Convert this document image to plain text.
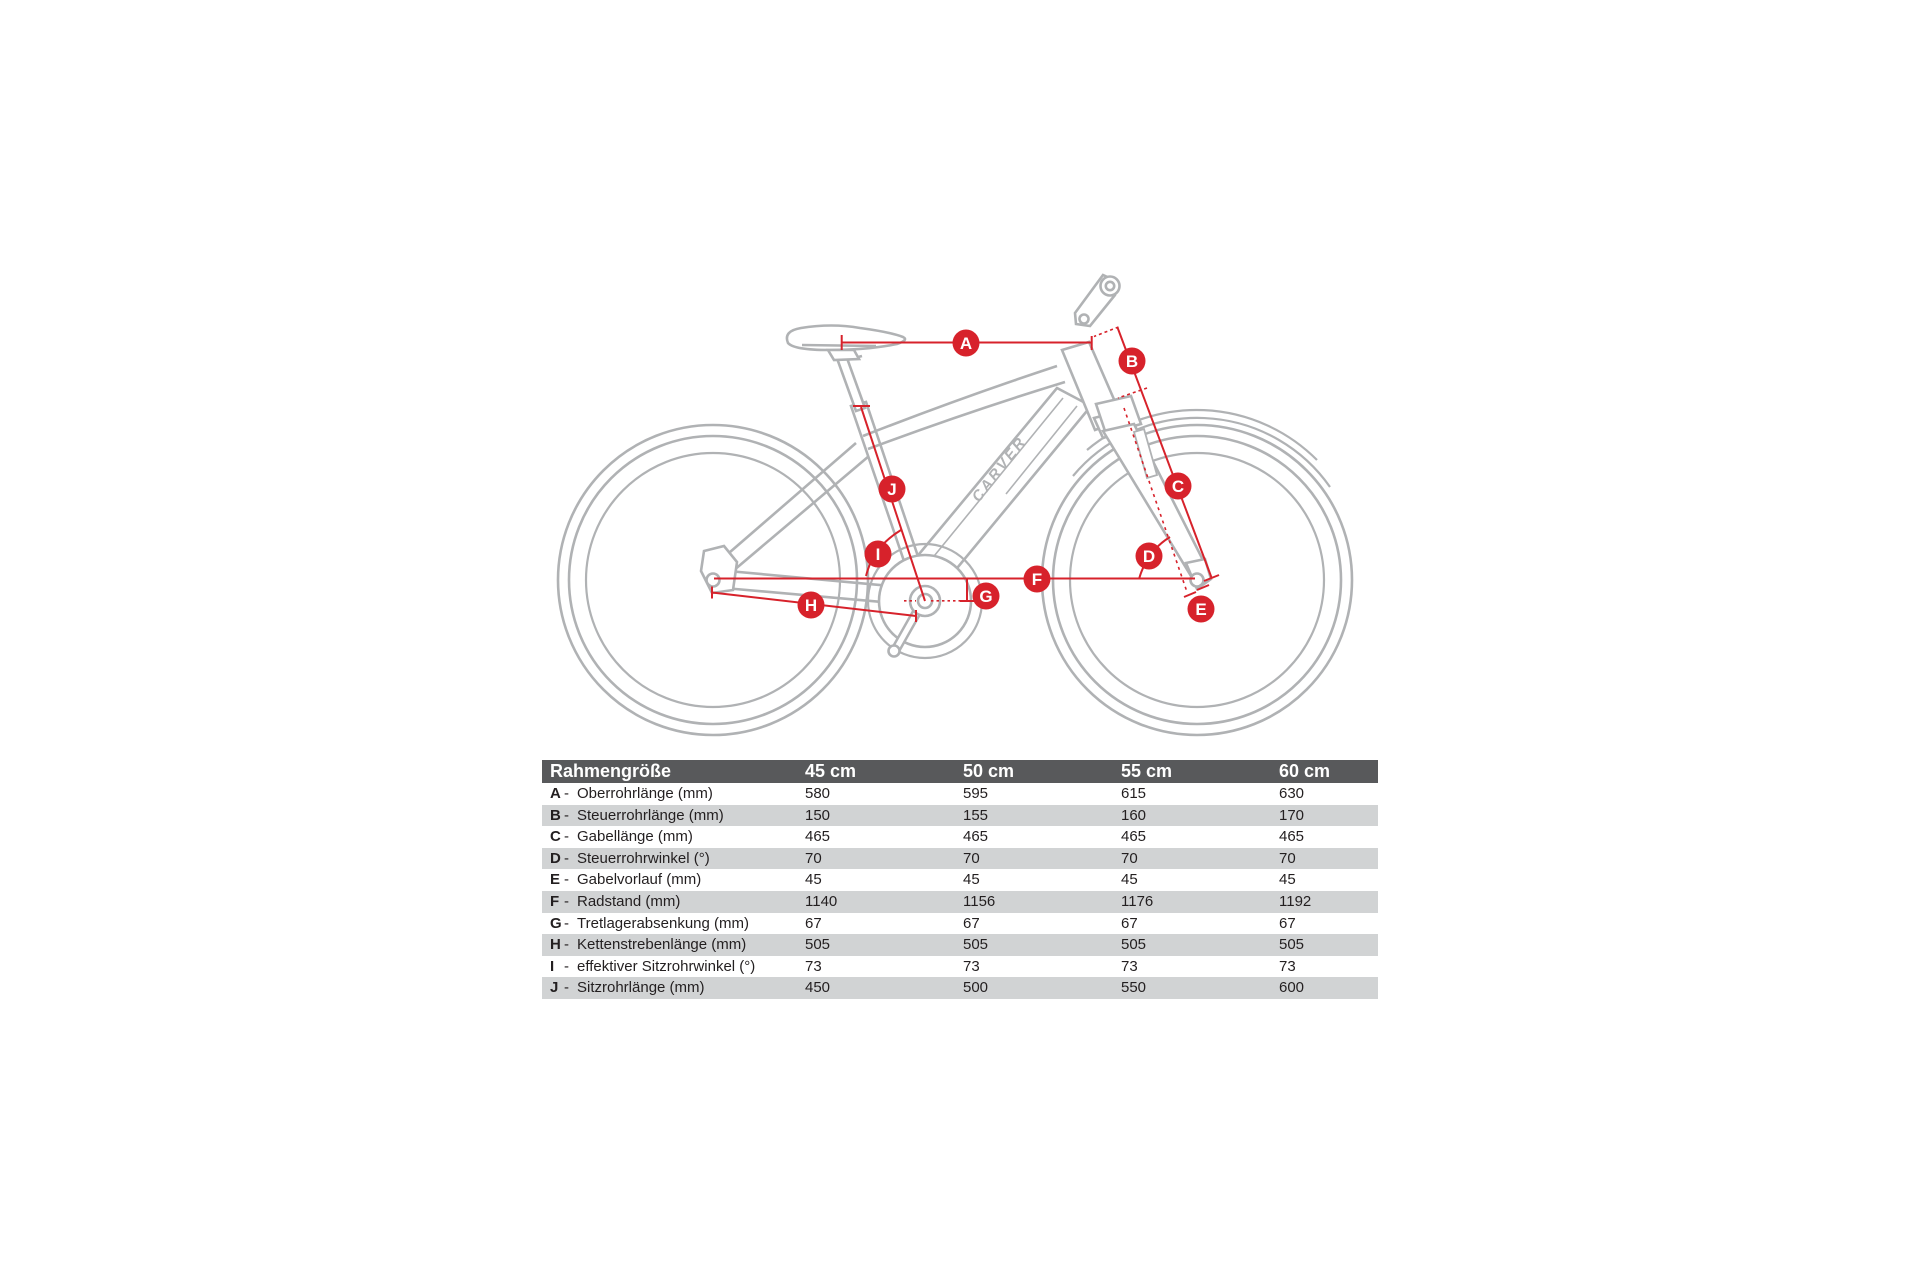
CARVER
A
B
C
D
E
F
G
H
I
J
Rahmengröße	45 cm	50 cm	55 cm	60 cm
A - Oberrohrlänge (mm)	580	595	615	630
B - Steuerrohrlänge (mm)	150	155	160	170
C - Gabellänge (mm)	465	465	465	465
D - Steuerrohrwinkel (°)	70	70	70	70
E - Gabelvorlauf (mm)	45	45	45	45
F - Radstand (mm)	1140	1156	1176	1192
G - Tretlagerabsenkung (mm)	67	67	67	67
H - Kettenstrebenlänge (mm)	505	505	505	505
I - effektiver Sitzrohrwinkel (°)	73	73	73	73
J - Sitzrohrlänge (mm)	450	500	550	600
